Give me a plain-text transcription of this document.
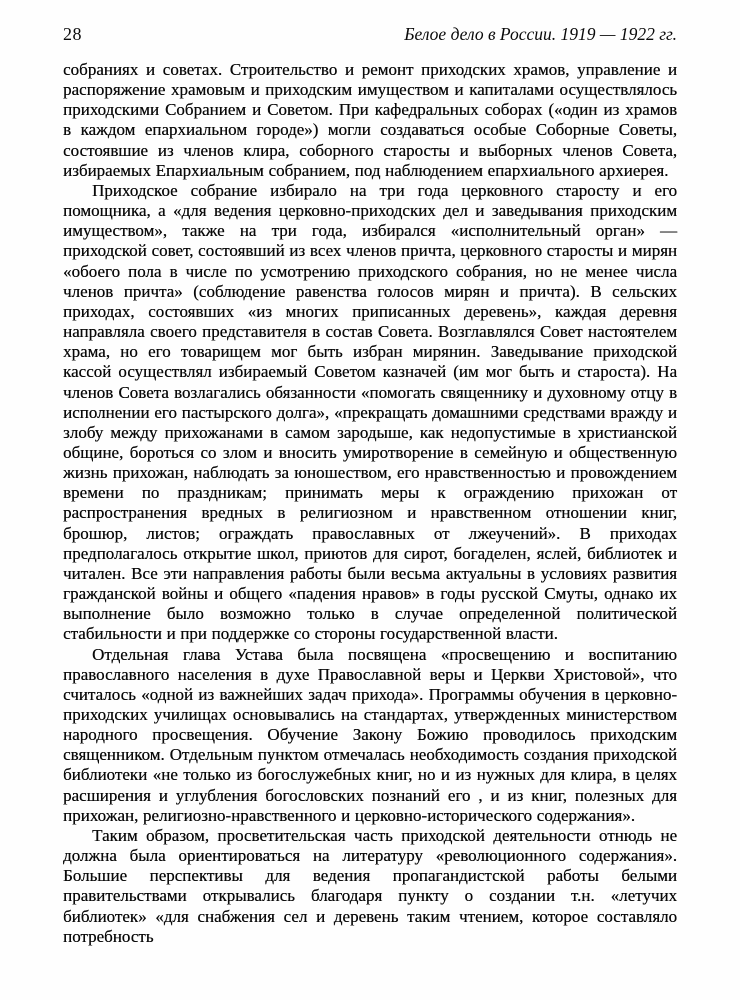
28	Белое дело в России. 1919 — 1922 гг.

собраниях и советах. Строительство и ремонт приходских храмов, управление и распоряжение храмовым и приходским имуществом и капиталами осуществлялось приходскими Собранием и Советом. При кафедральных соборах («один из храмов в каждом епархиальном городе») могли создаваться особые Соборные Советы, состоявшие из членов клира, соборного старосты и выборных членов Совета, избираемых Епархиальным собранием, под наблюдением епархиального архиерея.

Приходское собрание избирало на три года церковного старосту и его помощника, а «для ведения церковно-приходских дел и заведывания приходским имуществом», также на три года, избирался «исполнительный орган» — приходской совет, состоявший из всех членов причта, церковного старосты и мирян «обоего пола в числе по усмотрению приходского собрания, но не менее числа членов причта» (соблюдение равенства голосов мирян и причта). В сельских приходах, состоявших «из многих приписанных деревень», каждая деревня направляла своего представителя в состав Совета. Возглавлялся Совет настоятелем храма, но его товарищем мог быть избран мирянин. Заведывание приходской кассой осуществлял избираемый Советом казначей (им мог быть и староста). На членов Совета возлагались обязанности «помогать священнику и духовному отцу в исполнении его пастырского долга», «прекращать домашними средствами вражду и злобу между прихожанами в самом зародыше, как недопустимые в христианской общине, бороться со злом и вносить умиротворение в семейную и общественную жизнь прихожан, наблюдать за юношеством, его нравственностью и провождением времени по праздникам; принимать меры к ограждению прихожан от распространения вредных в религиозном и нравственном отношении книг, брошюр, листов; ограждать православных от лжеучений». В приходах предполагалось открытие школ, приютов для сирот, богаделен, яслей, библиотек и читален. Все эти направления работы были весьма актуальны в условиях развития гражданской войны и общего «падения нравов» в годы русской Смуты, однако их выполнение было возможно только в случае определенной политической стабильности и при поддержке со стороны государственной власти.

Отдельная глава Устава была посвящена «просвещению и воспитанию православного населения в духе Православной веры и Церкви Христовой», что считалось «одной из важнейших задач прихода». Программы обучения в церковно-приходских училищах основывались на стандартах, утвержденных министерством народного просвещения. Обучение Закону Божию проводилось приходским священником. Отдельным пунктом отмечалась необходимость создания приходской библиотеки «не только из богослужебных книг, но и из нужных для клира, в целях расширения и углубления богословских познаний его , и из книг, полезных для прихожан, религиозно-нравственного и церковно-исторического содержания».

Таким образом, просветительская часть приходской деятельности отнюдь не должна была ориентироваться на литературу «революционного содержания». Большие перспективы для ведения пропагандистской работы белыми правительствами открывались благодаря пункту о создании т.н. «летучих библиотек» «для снабжения сел и деревень таким чтением, которое составляло потребность
